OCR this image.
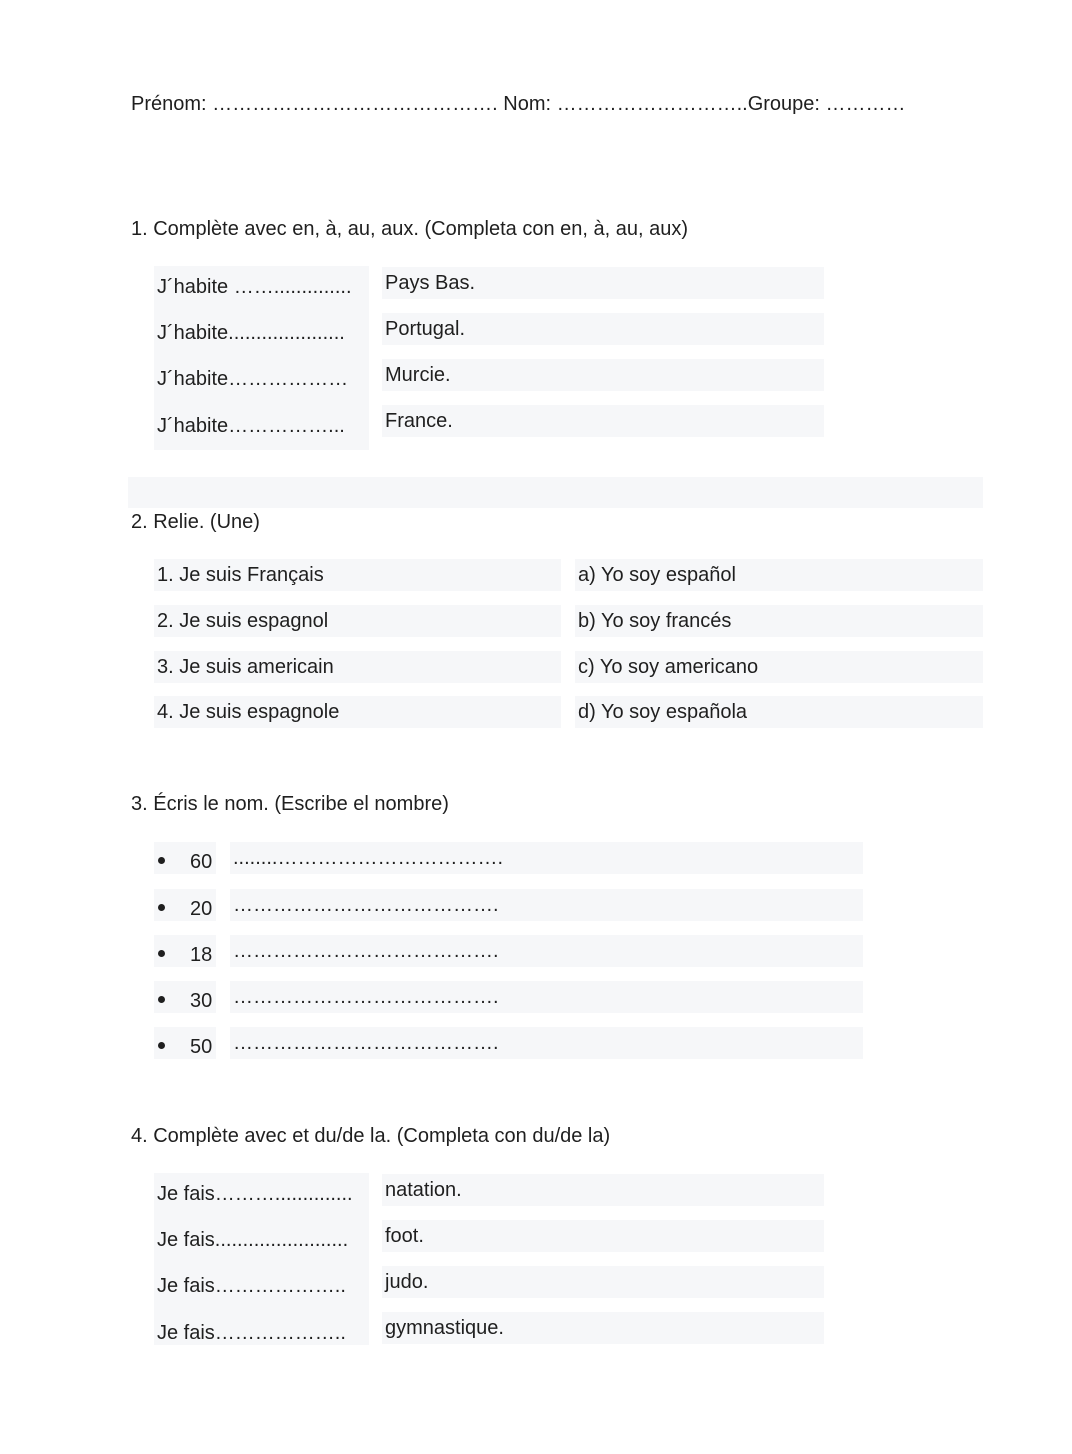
Prénom: ……………………………………. Nom: ………………………..Groupe: …………
1. Complète avec en, à, au, aux. (Completa con en, à, au, aux)
J´habite ……..............
J´habite.....................
J´habite………………
J´habite……………...
Pays Bas.
Portugal.
Murcie.
France.
2. Relie. (Une)
1. Je suis Français
2. Je suis espagnol
3. Je suis americain
4. Je suis espagnole
a) Yo soy español
b) Yo soy francés
c) Yo soy americano
d) Yo soy española
3. Écris le nom. (Escribe el nombre)
60 ........…………………………….
20 ………………………………….
18 ………………………………….
30 ………………………………….
50 ………………………………….
4. Complète avec et du/de la. (Completa con du/de la)
Je fais………..............
Je fais........................
Je fais………………..
Je fais………………..
natation.
foot.
judo.
gymnastique.
